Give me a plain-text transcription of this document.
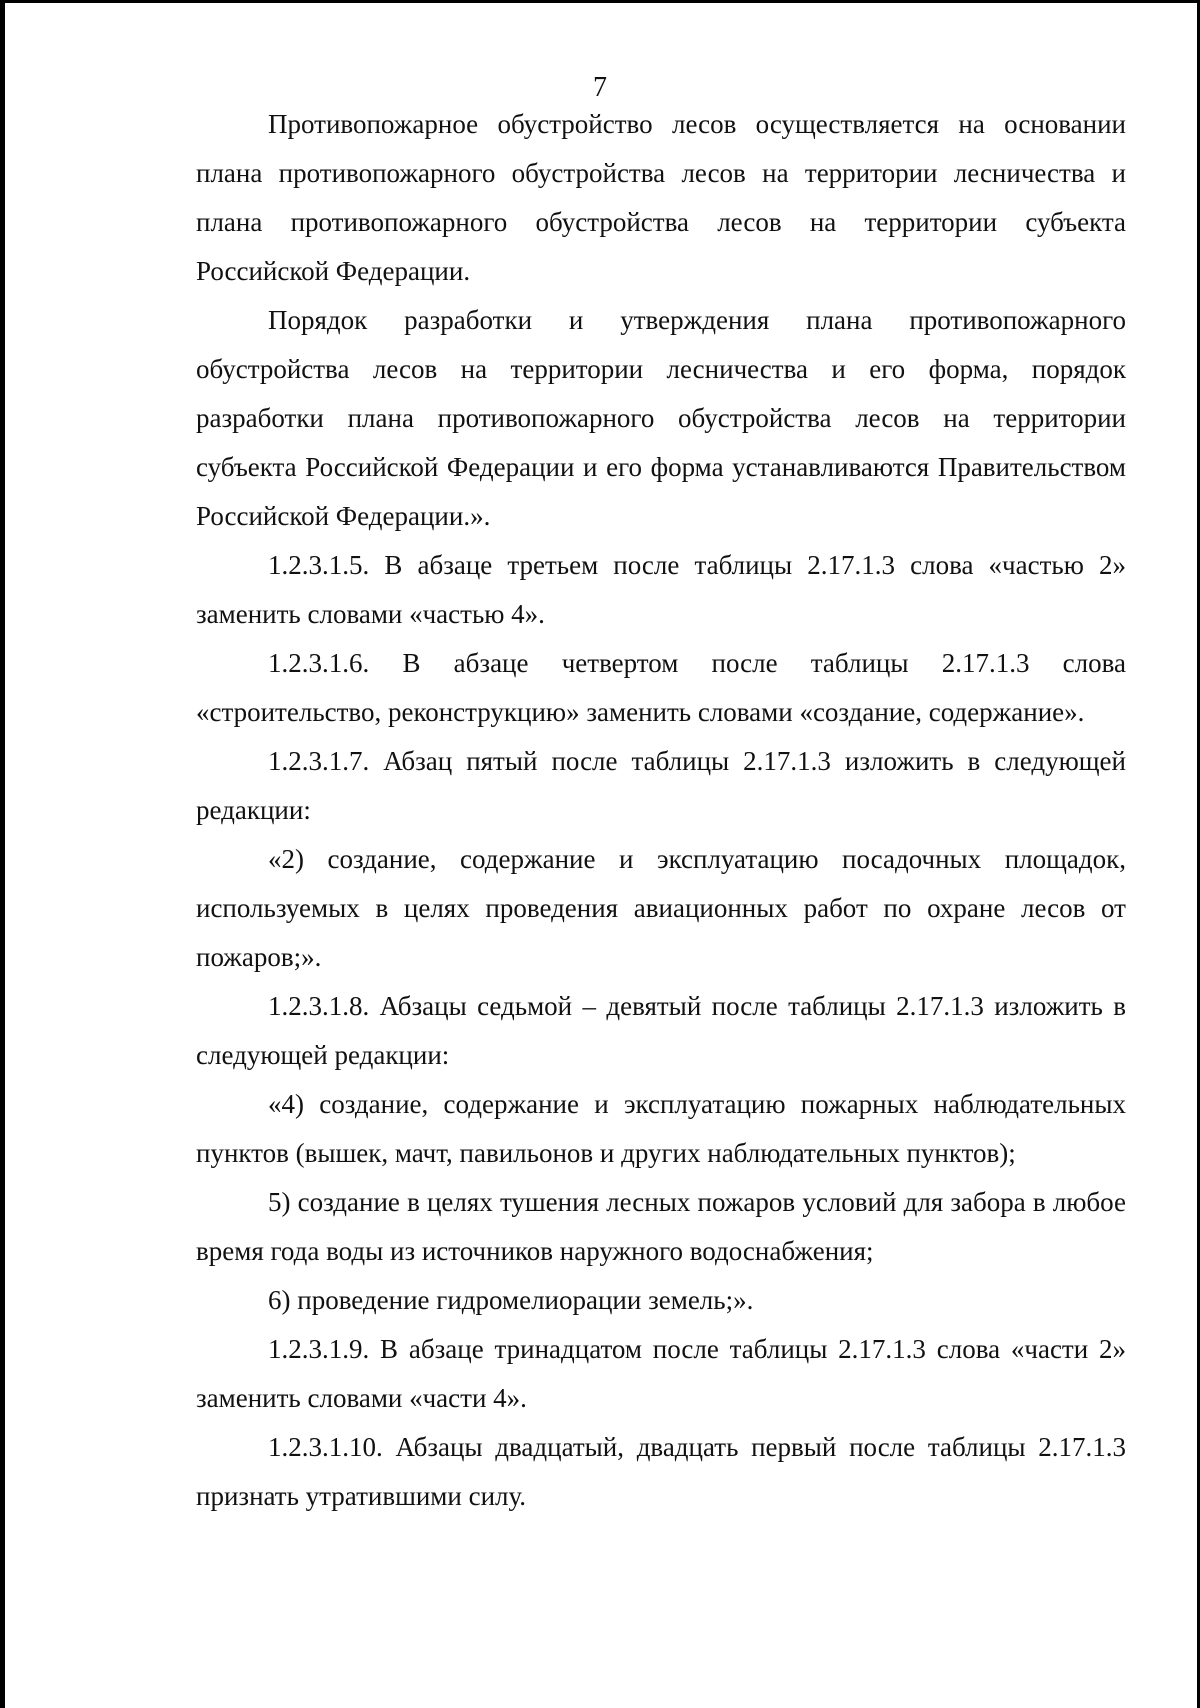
7

Противопожарное обустройство лесов осуществляется на основании плана противопожарного обустройства лесов на территории лесничества и плана противопожарного обустройства лесов на территории субъекта Российской Федерации.

Порядок разработки и утверждения плана противопожарного обустройства лесов на территории лесничества и его форма, порядок разработки плана противопожарного обустройства лесов на территории субъекта Российской Федерации и его форма устанавливаются Правительством Российской Федерации.».

1.2.3.1.5. В абзаце третьем после таблицы 2.17.1.3 слова «частью 2» заменить словами «частью 4».

1.2.3.1.6. В абзаце четвертом после таблицы 2.17.1.3 слова «строительство, реконструкцию» заменить словами «создание, содержание».

1.2.3.1.7. Абзац пятый после таблицы 2.17.1.3 изложить в следующей редакции:

«2) создание, содержание и эксплуатацию посадочных площадок, используемых в целях проведения авиационных работ по охране лесов от пожаров;».

1.2.3.1.8. Абзацы седьмой – девятый после таблицы 2.17.1.3 изложить в следующей редакции:

«4) создание, содержание и эксплуатацию пожарных наблюдательных пунктов (вышек, мачт, павильонов и других наблюдательных пунктов);

5) создание в целях тушения лесных пожаров условий для забора в любое время года воды из источников наружного водоснабжения;

6) проведение гидромелиорации земель;».

1.2.3.1.9. В абзаце тринадцатом после таблицы 2.17.1.3 слова «части 2» заменить словами «части 4».

1.2.3.1.10. Абзацы двадцатый, двадцать первый после таблицы 2.17.1.3 признать утратившими силу.
